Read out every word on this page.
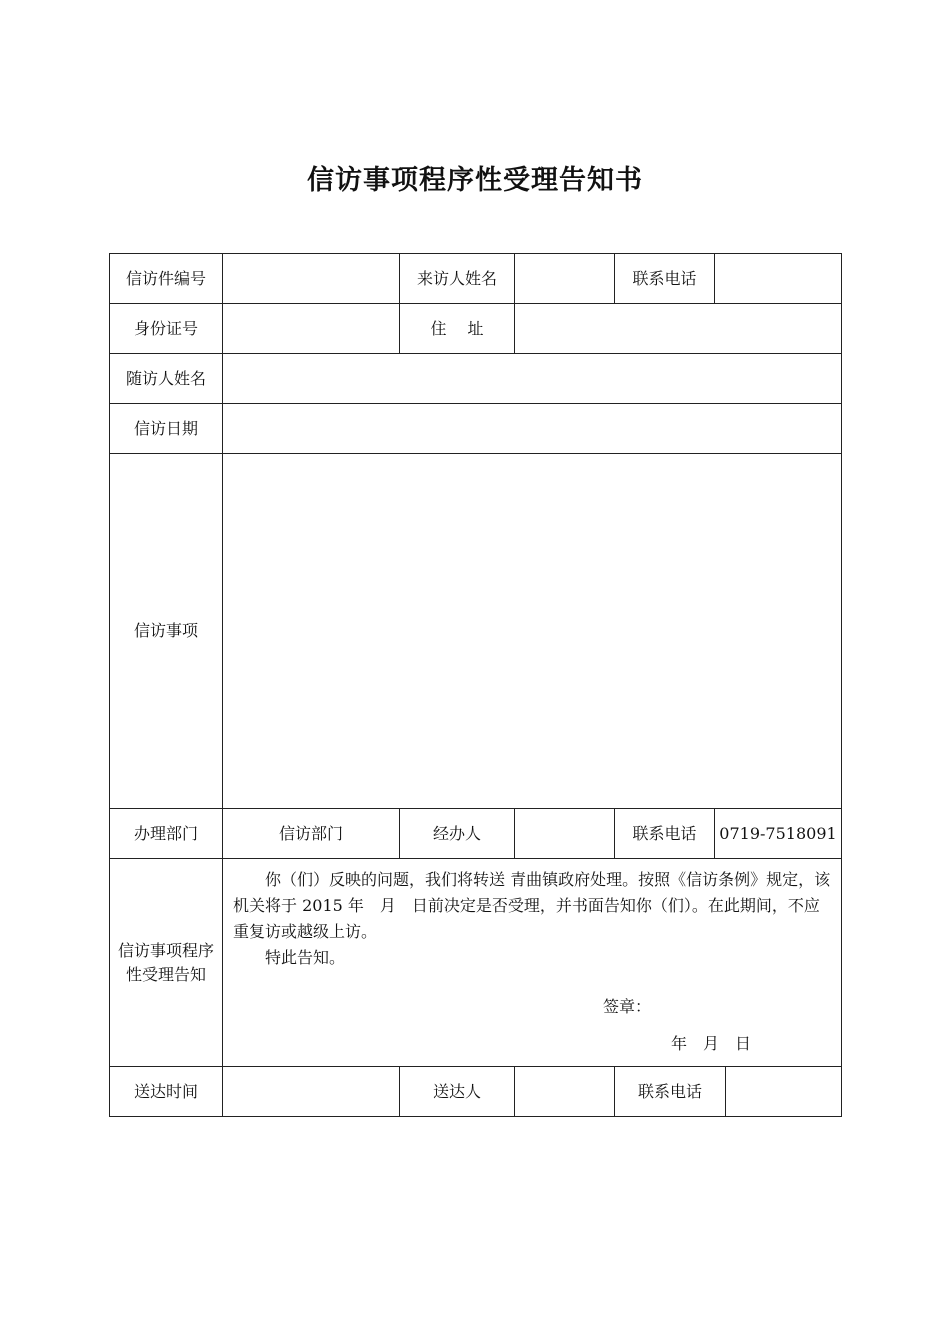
信访事项程序性受理告知书
信访件编号		来访人姓名		联系电话		
身份证号		住　 址				
随访人姓名						
信访日期						
信访事项						
办理部门	信访部门	经办人		联系电话	0719-7518091	
信访事项程序性受理告知	你（们）反映的问题，我们将转送 青曲镇政府处理。按照《信访条例》规定，该机关将于 2015 年　月　日前决定是否受理，并书面告知你（们）。在此期间，不应重复访或越级上访。

特此告知。

签章：
年　月　日					

送达时间		送达人		联系电话		
